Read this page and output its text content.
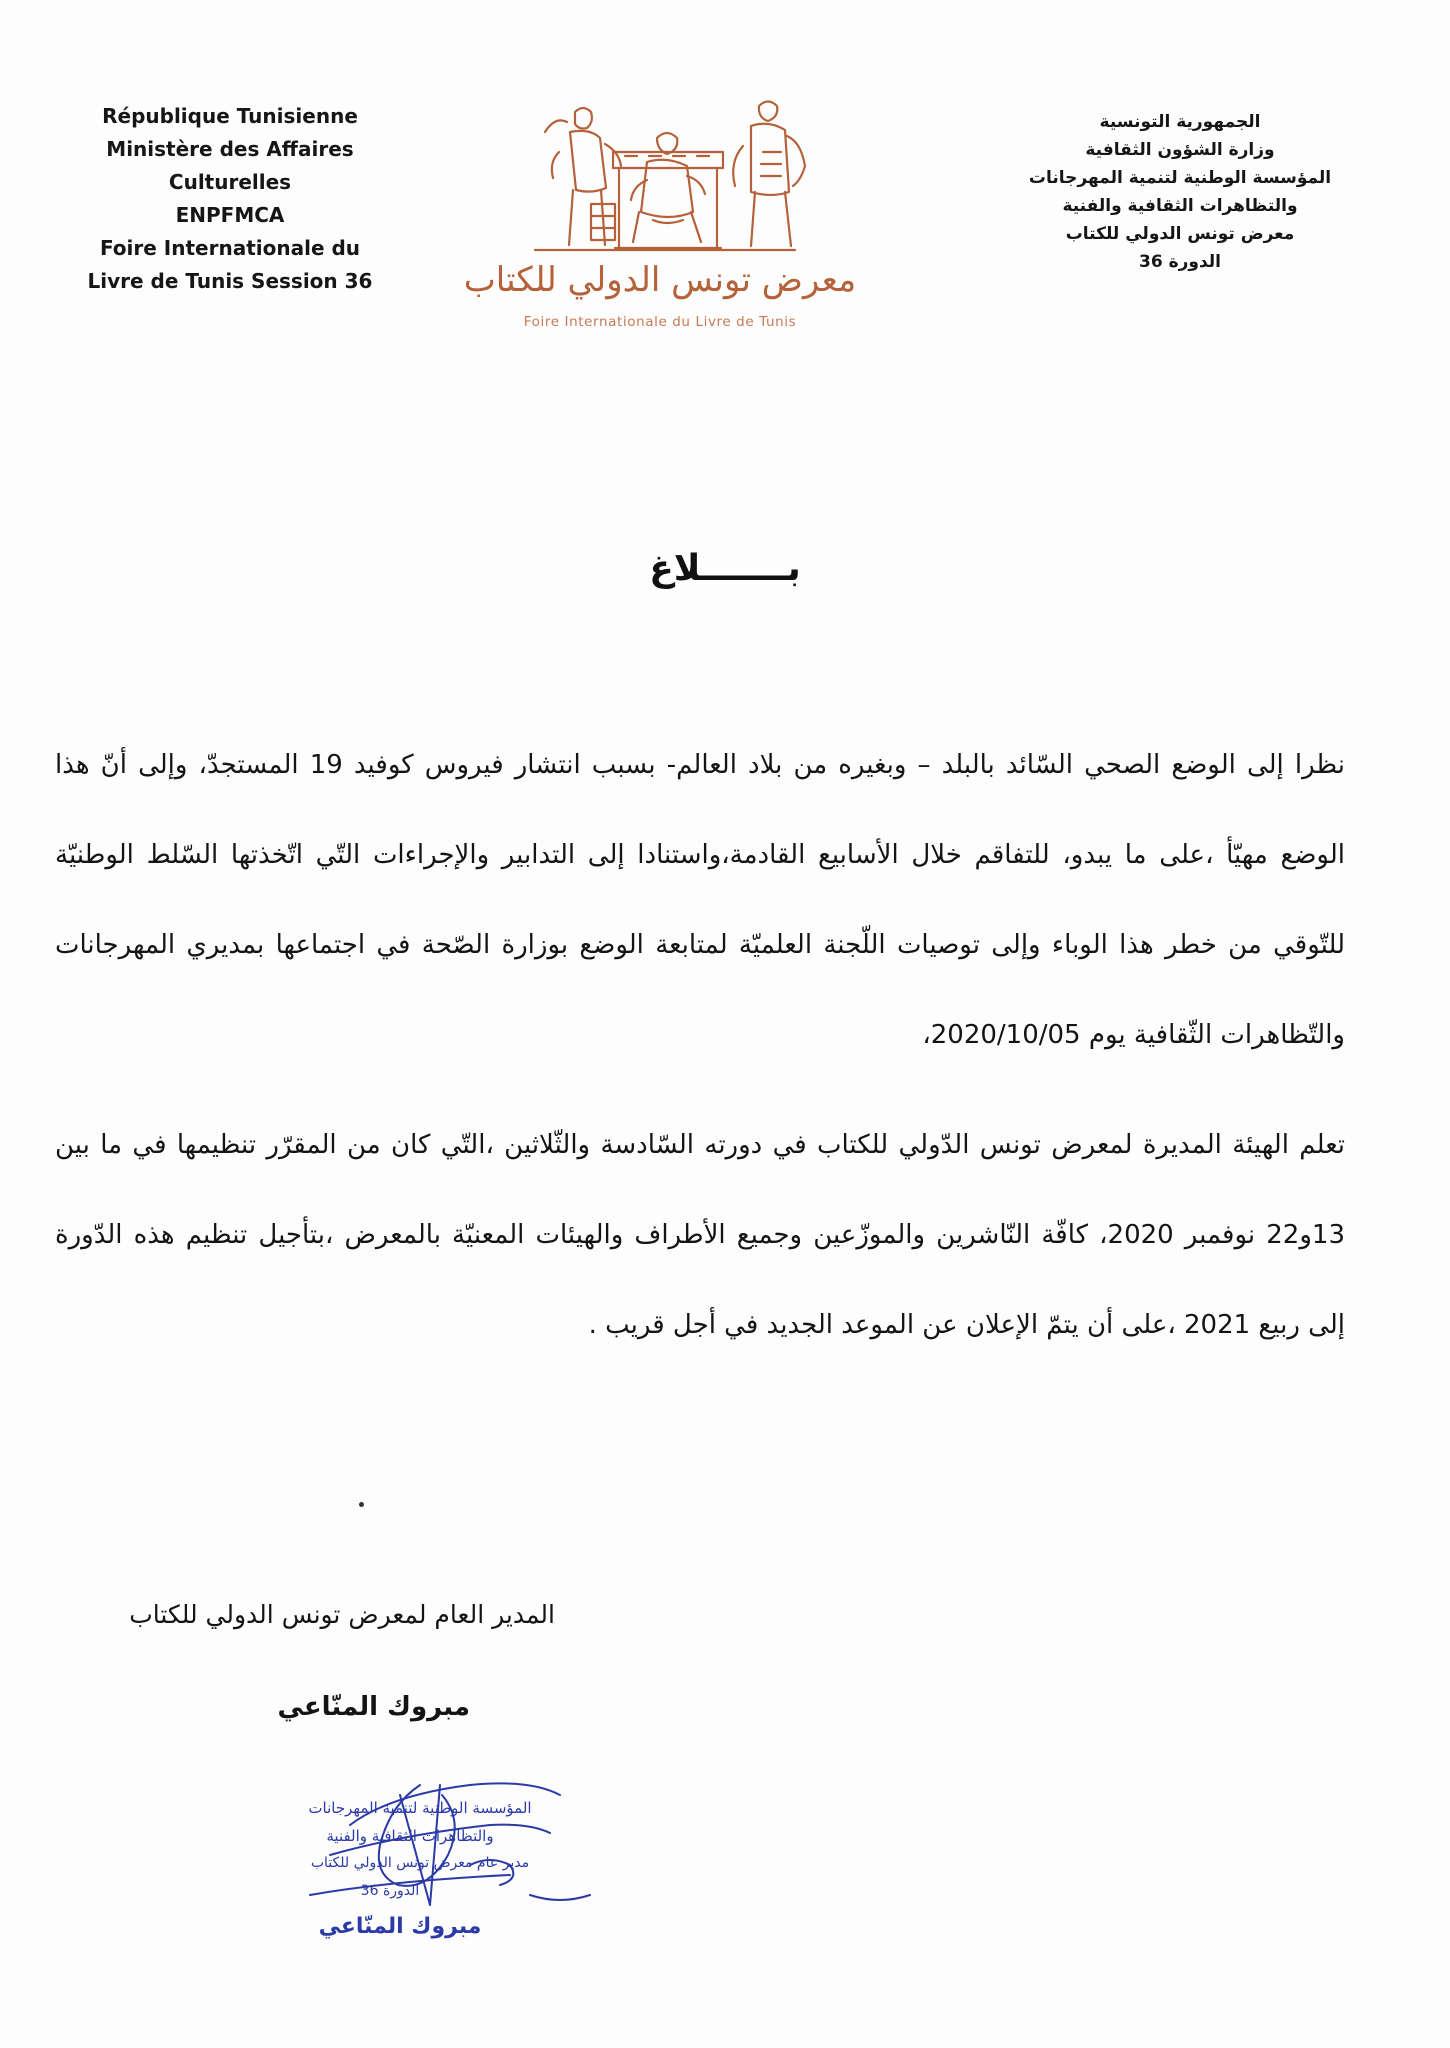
République Tunisienne
Ministère des Affaires
Culturelles
ENPFMCA
Foire Internationale du
Livre de Tunis Session 36	معرض تونس الدولي للكتاب
Foire Internationale du Livre de Tunis
الجمهورية التونسية
وزارة الشؤون الثقافية
المؤسسة الوطنية لتنمية المهرجانات
والتظاهرات الثقافية والفنية
معرض تونس الدولي للكتاب
الدورة 36
بـــــــلاغ

نظرا إلى الوضع الصحي السّائد بالبلد – وبغيره من بلاد العالم- بسبب انتشار فيروس كوفيد 19 المستجدّ، وإلى أنّ هذا الوضع مهيّأ ،على ما يبدو، للتفاقم خلال الأسابيع القادمة،واستنادا إلى التدابير والإجراءات التّي اتّخذتها السّلط الوطنيّة للتّوقي من خطر هذا الوباء وإلى توصيات اللّجنة العلميّة لمتابعة الوضع بوزارة الصّحة في اجتماعها بمديري المهرجانات والتّظاهرات الثّقافية يوم 2020/10/05،

تعلم الهيئة المديرة لمعرض تونس الدّولي للكتاب في دورته السّادسة والثّلاثين ،التّي كان من المقرّر تنظيمها في ما بين 13و22 نوفمبر 2020، كافّة النّاشرين والموزّعين وجميع الأطراف والهيئات المعنيّة بالمعرض ،بتأجيل تنظيم هذه الدّورة إلى ربيع 2021 ،على أن يتمّ الإعلان عن الموعد الجديد في أجل قريب .

المدير العام لمعرض تونس الدولي للكتاب
مبروك المنّاعي
المؤسسة الوطنية لتنمية المهرجانات
والتظاهرات الثقافية والفنية
مدير عام معرض تونس الدولي للكتاب
الدورة 36
مبروك المنّاعي
